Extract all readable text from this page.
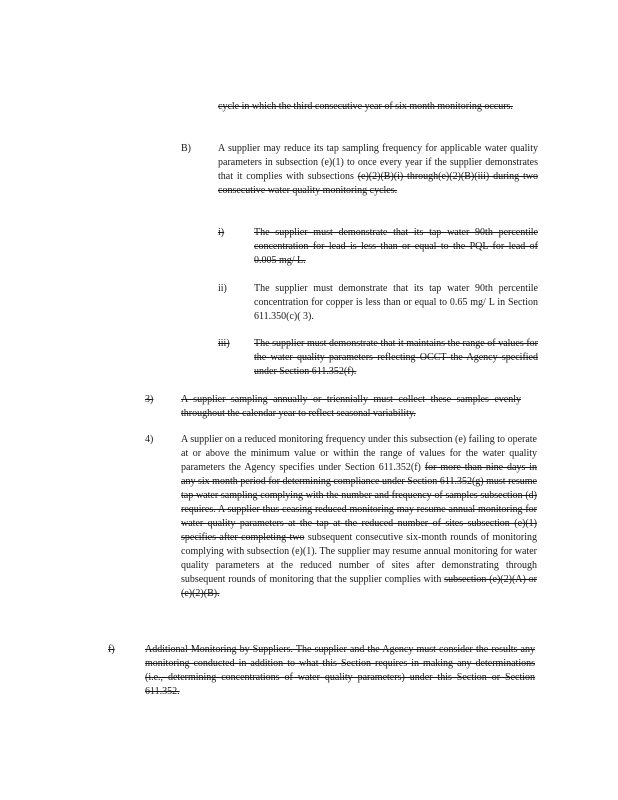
cycle in which the third consecutive year of six month monitoring occurs.
B)	A supplier may reduce its tap sampling frequency for applicable water quality parameters in subsection (e)(1) to once every year if the supplier demonstrates that it complies with subsections (e)(2)(B)(i) through(e)(2)(B)(iii) during two consecutive water quality monitoring cycles.
i)	The supplier must demonstrate that its tap water 90th percentile concentration for lead is less than or equal to the PQL for lead of 0.005 mg/ L.
ii)	The supplier must demonstrate that its tap water 90th percentile concentration for copper is less than or equal to 0.65 mg/ L in Section 611.350(c)( 3).
iii) The supplier must demonstrate that it maintains the range of values for the water quality parameters reflecting OCCT the Agency specified under Section 611.352(f).
3)	A supplier sampling annually or triennially must collect these samples evenly throughout the calendar year to reflect seasonal variability.
4)	A supplier on a reduced monitoring frequency under this subsection (e) failing to operate at or above the minimum value or within the range of values for the water quality parameters the Agency specifies under Section 611.352(f) for more than nine days in any six month period for determining compliance under Section 611.352(g) must resume tap water sampling complying with the number and frequency of samples subsection (d) requires. A supplier thus ceasing reduced monitoring may resume annual monitoring for water quality parameters at the tap at the reduced number of sites subsection (e)(1) specifies after completing two subsequent consecutive six-month rounds of monitoring complying with subsection (e)(1). The supplier may resume annual monitoring for water quality parameters at the reduced number of sites after demonstrating through subsequent rounds of monitoring that the supplier complies with subsection (e)(2)(A) or (e)(2)(B).
f)	Additional Monitoring by Suppliers. The supplier and the Agency must consider the results any monitoring conducted in addition to what this Section requires in making any determinations (i.e., determining concentrations of water quality parameters) under this Section or Section 611.352.
